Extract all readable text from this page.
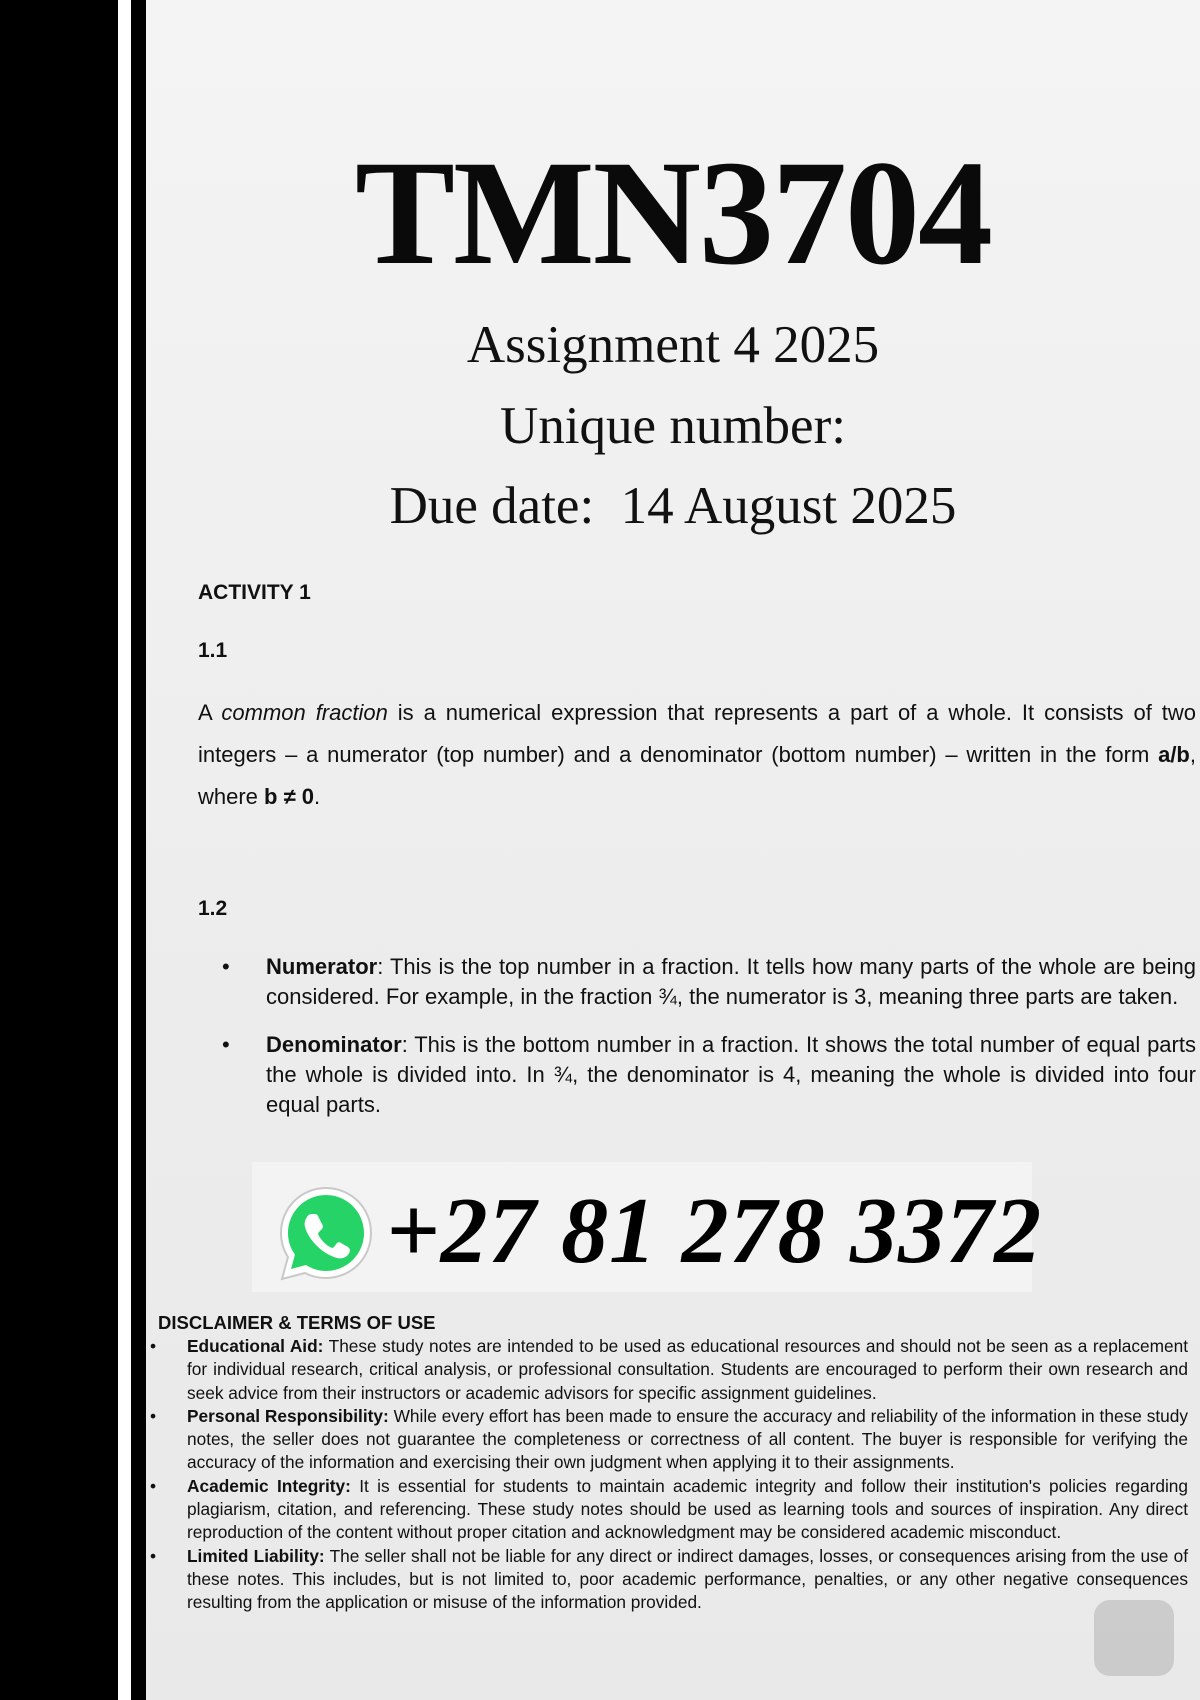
TMN3704
Assignment 4 2025
Unique number:
Due date:  14 August 2025
ACTIVITY 1
1.1
A common fraction is a numerical expression that represents a part of a whole. It consists of two integers – a numerator (top number) and a denominator (bottom number) – written in the form a/b, where b ≠ 0.
1.2
• Numerator: This is the top number in a fraction. It tells how many parts of the whole are being considered. For example, in the fraction ¾, the numerator is 3, meaning three parts are taken.
• Denominator: This is the bottom number in a fraction. It shows the total number of equal parts the whole is divided into. In ¾, the denominator is 4, meaning the whole is divided into four equal parts.
+27 81 278 3372
DISCLAIMER & TERMS OF USE
• Educational Aid: These study notes are intended to be used as educational resources and should not be seen as a replacement for individual research, critical analysis, or professional consultation. Students are encouraged to perform their own research and seek advice from their instructors or academic advisors for specific assignment guidelines.
• Personal Responsibility: While every effort has been made to ensure the accuracy and reliability of the information in these study notes, the seller does not guarantee the completeness or correctness of all content. The buyer is responsible for verifying the accuracy of the information and exercising their own judgment when applying it to their assignments.
• Academic Integrity: It is essential for students to maintain academic integrity and follow their institution's policies regarding plagiarism, citation, and referencing. These study notes should be used as learning tools and sources of inspiration. Any direct reproduction of the content without proper citation and acknowledgment may be considered academic misconduct.
• Limited Liability: The seller shall not be liable for any direct or indirect damages, losses, or consequences arising from the use of these notes. This includes, but is not limited to, poor academic performance, penalties, or any other negative consequences resulting from the application or misuse of the information provided.
